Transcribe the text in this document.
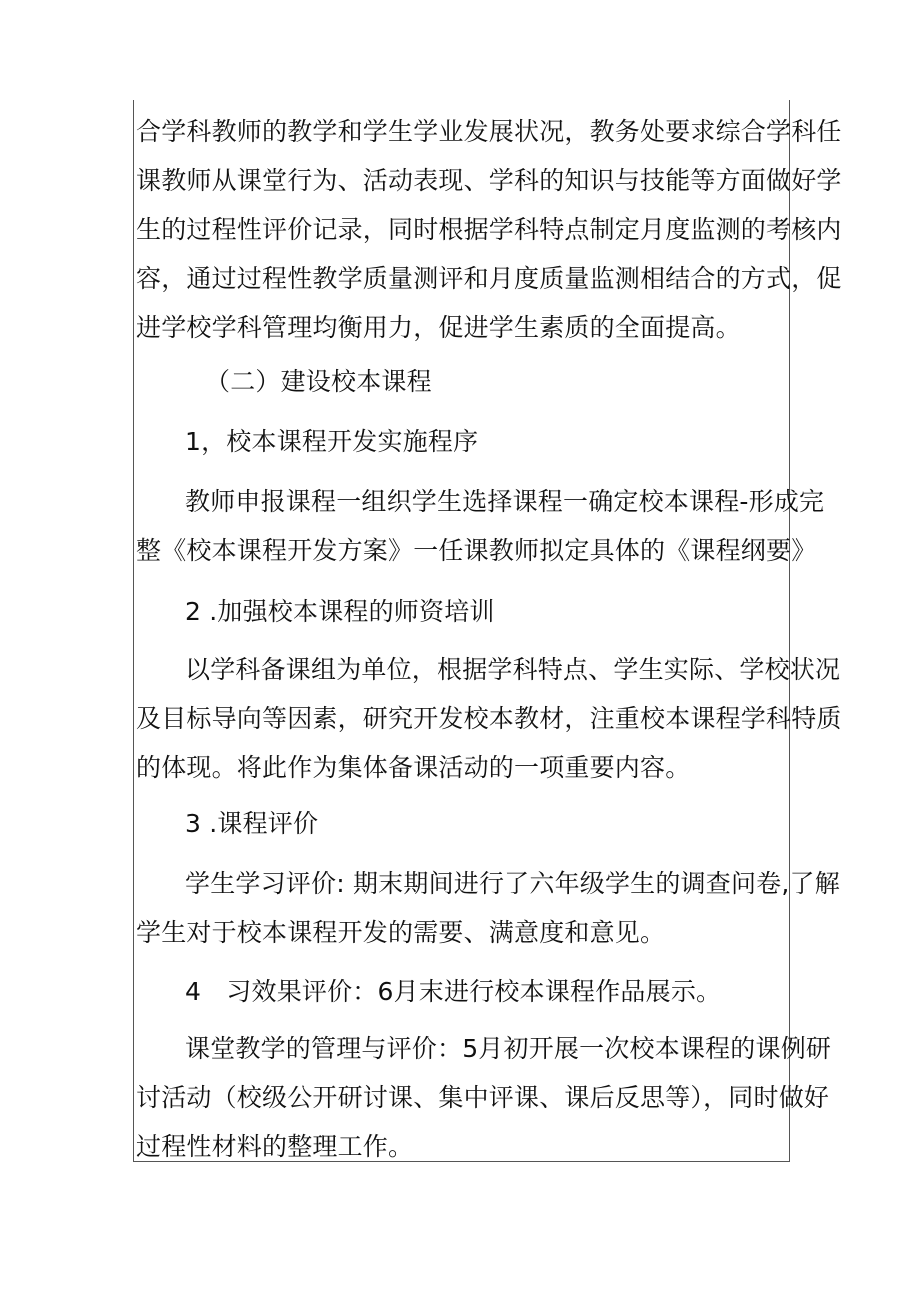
合学科教师的教学和学生学业发展状况，教务处要求综合学科任
课教师从课堂行为、活动表现、学科的知识与技能等方面做好学
生的过程性评价记录，同时根据学科特点制定月度监测的考核内
容，通过过程性教学质量测评和月度质量监测相结合的方式，促
进学校学科管理均衡用力，促进学生素质的全面提高。
（二）建设校本课程
1，校本课程开发实施程序
教师申报课程一组织学生选择课程一确定校本课程-形成完
整《校本课程开发方案》一任课教师拟定具体的《课程纲要》
2 .加强校本课程的师资培训
以学科备课组为单位，根据学科特点、学生实际、学校状况
及目标导向等因素，研究开发校本教材，注重校本课程学科特质
的体现。将此作为集体备课活动的一项重要内容。
3 .课程评价
学生学习评价: 期末期间进行了六年级学生的调查问卷,了解
学生对于校本课程开发的需要、满意度和意见。
4　习效果评价：6月末进行校本课程作品展示。
课堂教学的管理与评价：5月初开展一次校本课程的课例研
讨活动（校级公开研讨课、集中评课、课后反思等），同时做好
过程性材料的整理工作。
